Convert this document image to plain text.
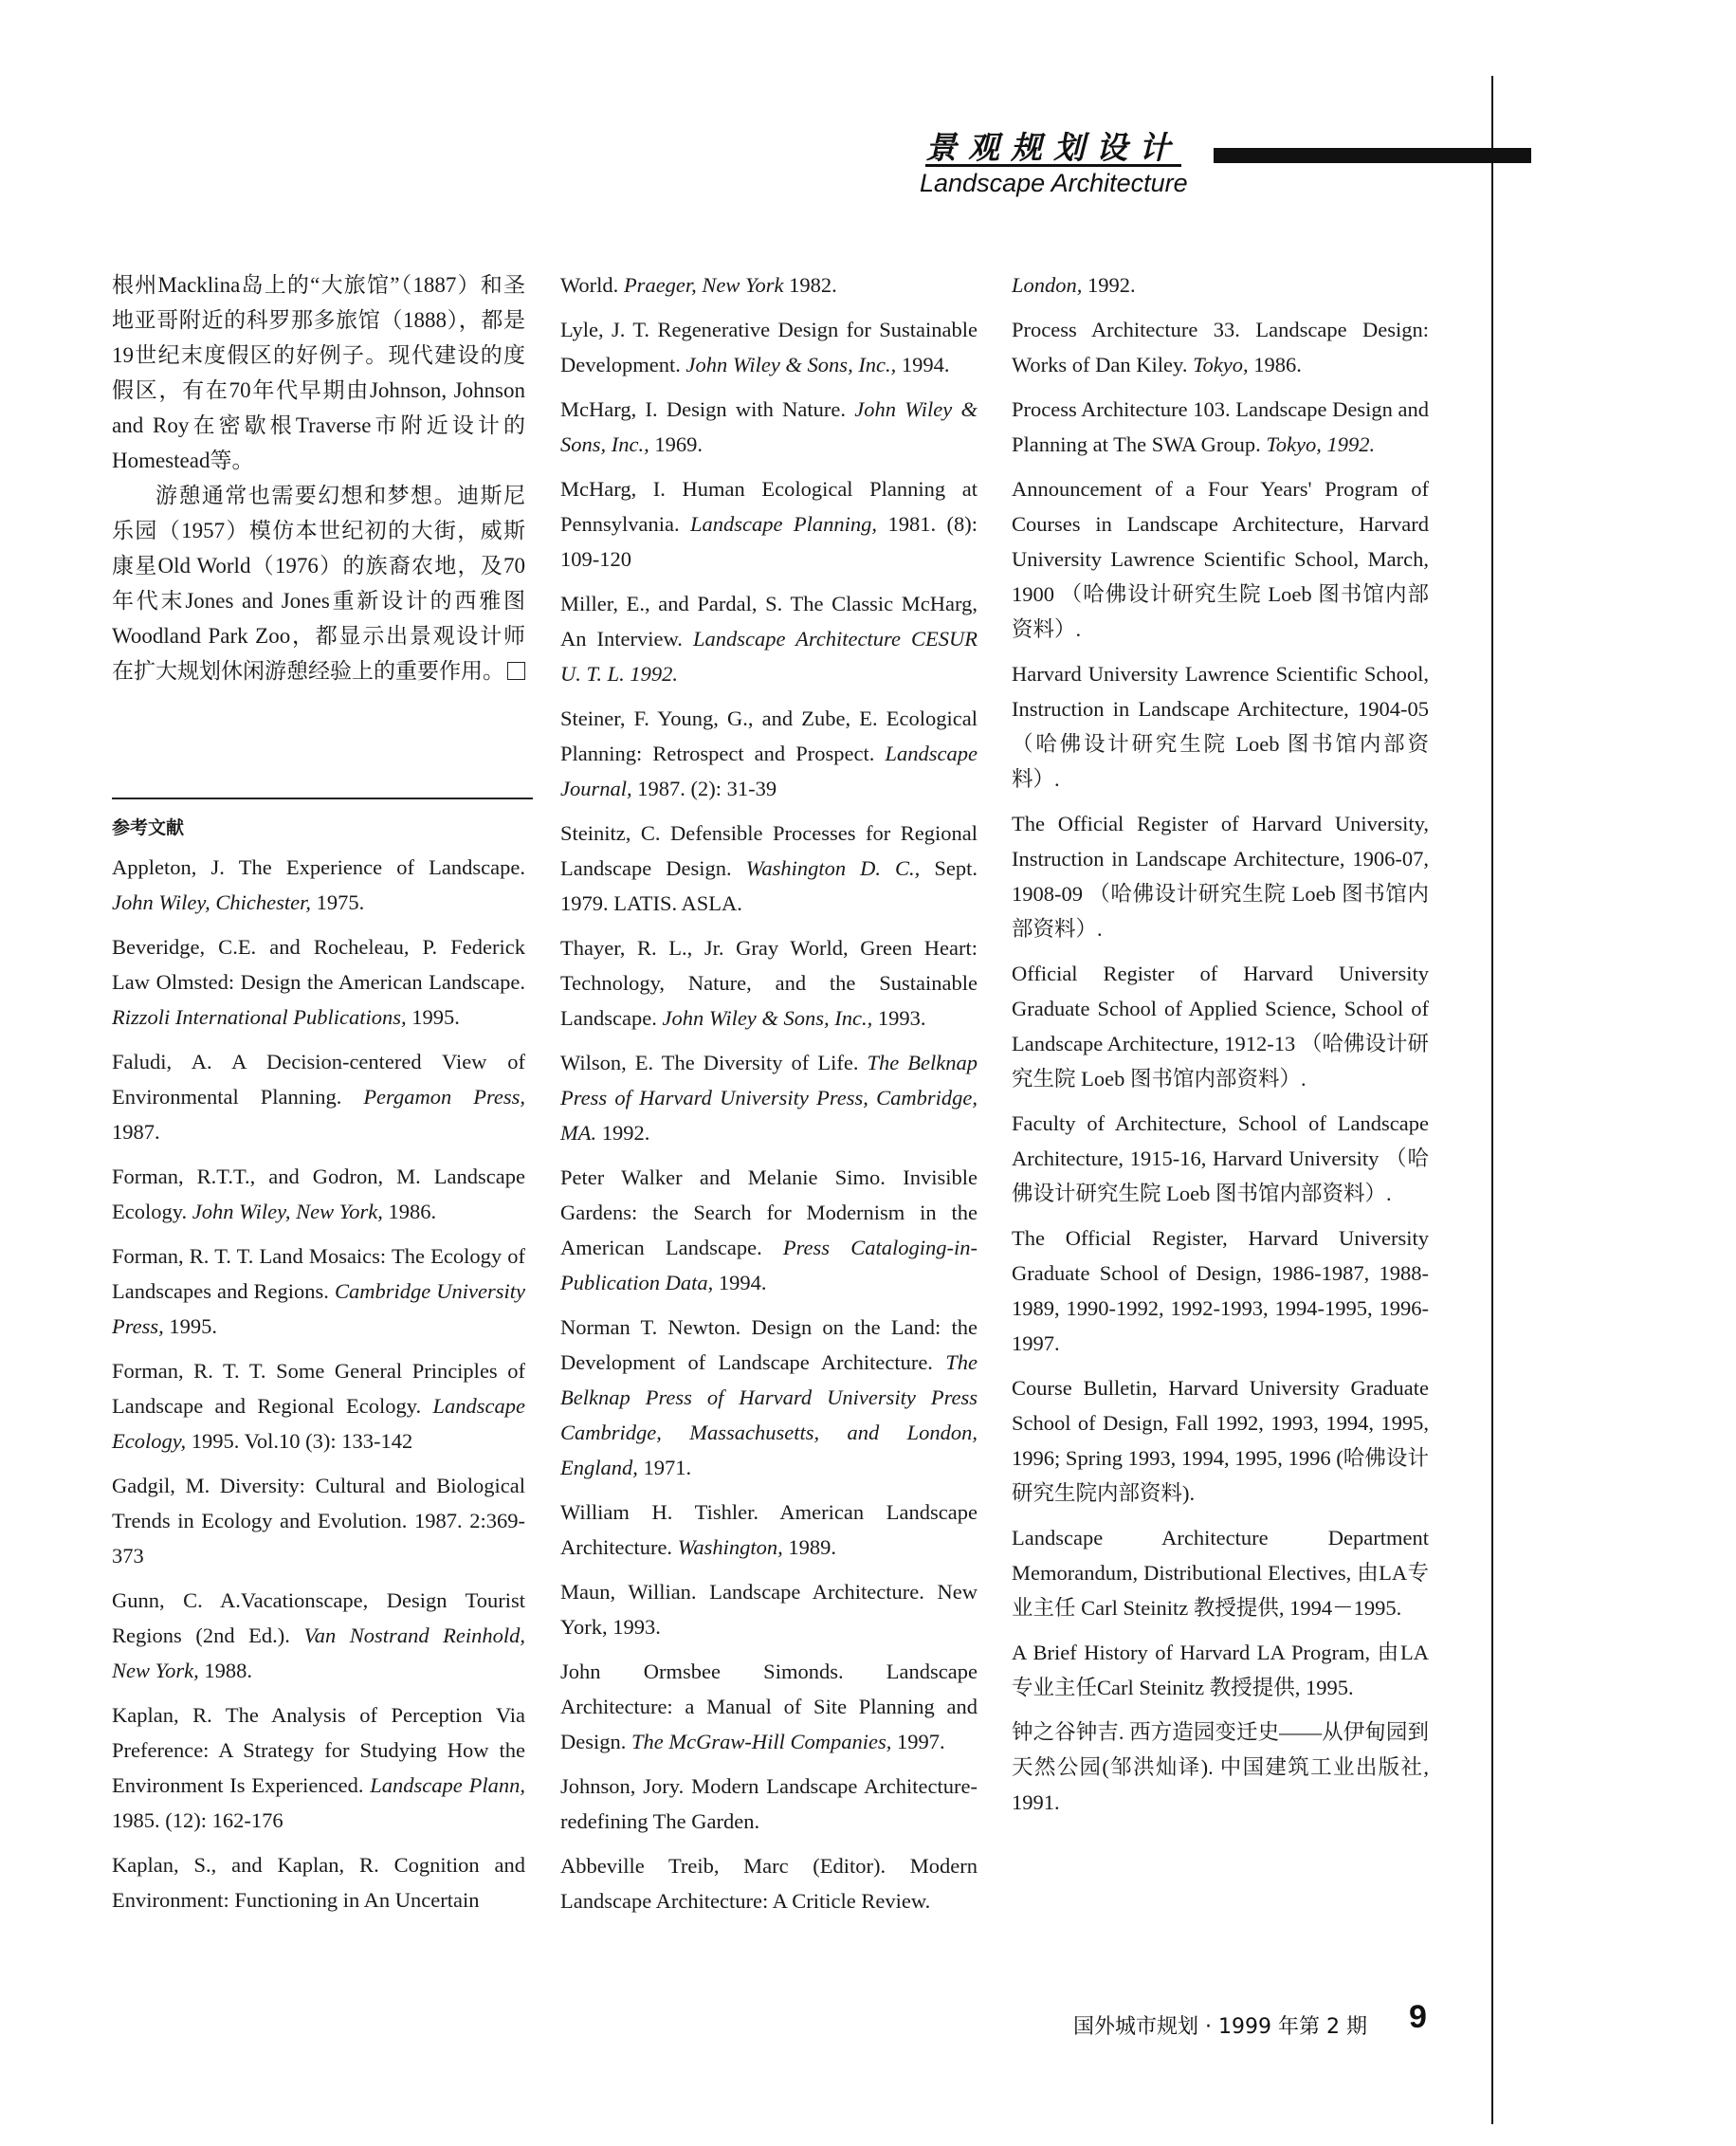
景观规划设计
Landscape Architecture

根州Macklina岛上的“大旅馆”（1887）和圣地亚哥附近的科罗那多旅馆（1888），都是19世纪末度假区的好例子。现代建设的度假区，有在70年代早期由Johnson, Johnson and Roy在密歇根Traverse市附近设计的Homestead等。

游憩通常也需要幻想和梦想。迪斯尼乐园（1957）模仿本世纪初的大街，威斯康星Old World（1976）的族裔农地，及70年代末Jones and Jones重新设计的西雅图Woodland Park Zoo，都显示出景观设计师在扩大规划休闲游憩经验上的重要作用。

参考文献

Appleton, J. The Experience of Landscape. John Wiley, Chichester, 1975.

Beveridge, C.E. and Rocheleau, P. Federick Law Olmsted: Design the American Landscape. Rizzoli International Publications, 1995.

Faludi, A. A Decision-centered View of Environmental Planning. Pergamon Press, 1987.

Forman, R.T.T., and Godron, M. Landscape Ecology. John Wiley, New York, 1986.

Forman, R. T. T. Land Mosaics: The Ecology of Landscapes and Regions. Cambridge University Press, 1995.

Forman, R. T. T. Some General Principles of Landscape and Regional Ecology. Landscape Ecology, 1995. Vol.10 (3): 133-142

Gadgil, M. Diversity: Cultural and Biological Trends in Ecology and Evolution. 1987. 2:369-373

Gunn, C. A.Vacationscape, Design Tourist Regions (2nd Ed.). Van Nostrand Reinhold, New York, 1988.

Kaplan, R. The Analysis of Perception Via Preference: A Strategy for Studying How the Environment Is Experienced. Landscape Plann, 1985. (12): 162-176

Kaplan, S., and Kaplan, R. Cognition and Environment: Functioning in An Uncertain

World. Praeger, New York 1982.

Lyle, J. T. Regenerative Design for Sustainable Development. John Wiley & Sons, Inc., 1994.

McHarg, I. Design with Nature. John Wiley & Sons, Inc., 1969.

McHarg, I. Human Ecological Planning at Pennsylvania. Landscape Planning, 1981. (8): 109-120

Miller, E., and Pardal, S. The Classic McHarg, An Interview. Landscape Architecture CESUR U. T. L. 1992.

Steiner, F. Young, G., and Zube, E. Ecological Planning: Retrospect and Prospect. Landscape Journal, 1987. (2): 31-39

Steinitz, C. Defensible Processes for Regional Landscape Design. Washington D. C., Sept. 1979. LATIS. ASLA.

Thayer, R. L., Jr. Gray World, Green Heart: Technology, Nature, and the Sustainable Landscape. John Wiley & Sons, Inc., 1993.

Wilson, E. The Diversity of Life. The Belknap Press of Harvard University Press, Cambridge, MA. 1992.

Peter Walker and Melanie Simo. Invisible Gardens: the Search for Modernism in the American Landscape. Press Cataloging-in-Publication Data, 1994.

Norman T. Newton. Design on the Land: the Development of Landscape Architecture. The Belknap Press of Harvard University Press Cambridge, Massachusetts, and London, England, 1971.

William H. Tishler. American Landscape Architecture. Washington, 1989.

Maun, Willian. Landscape Architecture. New York, 1993.

John Ormsbee Simonds. Landscape Architecture: a Manual of Site Planning and Design. The McGraw-Hill Companies, 1997.

Johnson, Jory. Modern Landscape Architecture-redefining The Garden.

Abbeville Treib, Marc (Editor). Modern Landscape Architecture: A Criticle Review.

London, 1992.

Process Architecture 33. Landscape Design: Works of Dan Kiley. Tokyo, 1986.

Process Architecture 103. Landscape Design and Planning at The SWA Group. Tokyo, 1992.

Announcement of a Four Years' Program of Courses in Landscape Architecture, Harvard University Lawrence Scientific School, March, 1900 （哈佛设计研究生院 Loeb 图书馆内部资料）.

Harvard University Lawrence Scientific School, Instruction in Landscape Architecture, 1904-05 （哈佛设计研究生院 Loeb 图书馆内部资料）.

The Official Register of Harvard University, Instruction in Landscape Architecture, 1906-07, 1908-09 （哈佛设计研究生院 Loeb 图书馆内部资料）.

Official Register of Harvard University Graduate School of Applied Science, School of Landscape Architecture, 1912-13 （哈佛设计研究生院 Loeb 图书馆内部资料）.

Faculty of Architecture, School of Landscape Architecture, 1915-16, Harvard University （哈佛设计研究生院 Loeb 图书馆内部资料）.

The Official Register, Harvard University Graduate School of Design, 1986-1987, 1988-1989, 1990-1992, 1992-1993, 1994-1995, 1996-1997.

Course Bulletin, Harvard University Graduate School of Design, Fall 1992, 1993, 1994, 1995, 1996; Spring 1993, 1994, 1995, 1996 (哈佛设计研究生院内部资料).

Landscape Architecture Department Memorandum, Distributional Electives, 由LA专业主任 Carl Steinitz 教授提供, 1994－1995.

A Brief History of Harvard LA Program, 由LA专业主任Carl Steinitz 教授提供, 1995.

钟之谷钟吉. 西方造园变迁史——从伊甸园到天然公园(邹洪灿译). 中国建筑工业出版社, 1991.

国外城市规划 · 1999 年第 2 期 9
